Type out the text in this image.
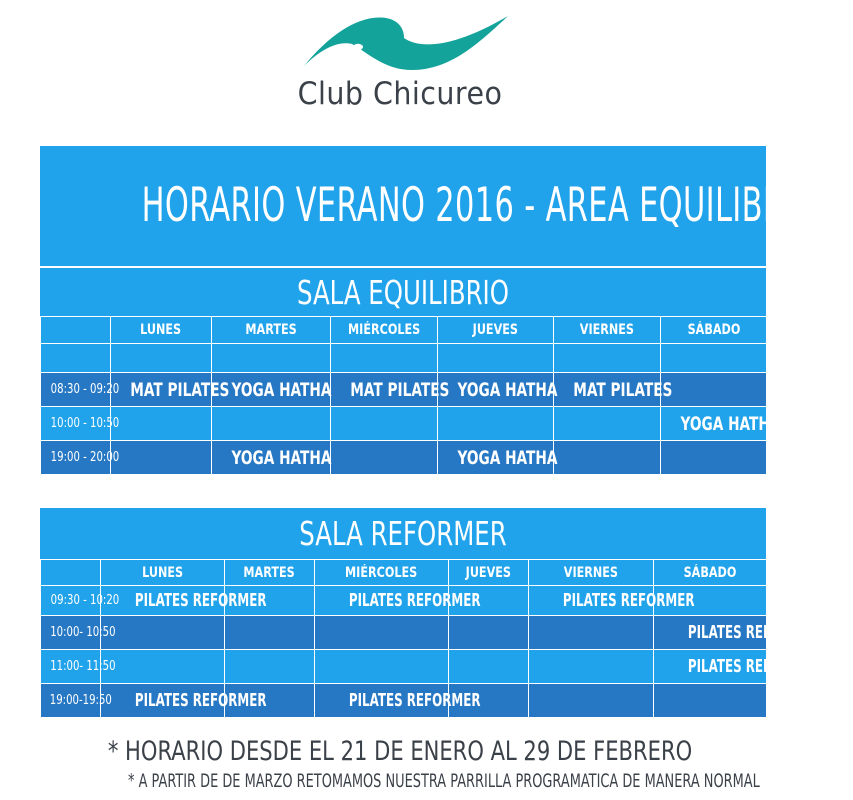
Club Chicureo
HORARIO VERANO 2016 - AREA EQUILIBRIO
SALA EQUILIBRIO
	LUNES	MARTES	MIÉRCOLES	JUEVES	VIERNES	SÁBADO

08:30 - 09:20	MAT PILATES	YOGA HATHA	MAT PILATES	YOGA HATHA	MAT PILATES	
10:00 - 10:50						YOGA HATHA
19:00 - 20:00		YOGA HATHA		YOGA HATHA		
SALA REFORMER
	LUNES	MARTES	MIÉRCOLES	JUEVES	VIERNES	SÁBADO
09:30 - 10:20	PILATES REFORMER		PILATES REFORMER		PILATES REFORMER	
10:00- 10:50						PILATES REFORMER
11:00- 11:50						PILATES REFORMER
19:00-19:50	PILATES REFORMER		PILATES REFORMER			
* HORARIO DESDE EL 21 DE ENERO AL 29 DE FEBRERO
* A PARTIR DE DE MARZO RETOMAMOS NUESTRA PARRILLA PROGRAMATICA DE MANERA NORMAL
